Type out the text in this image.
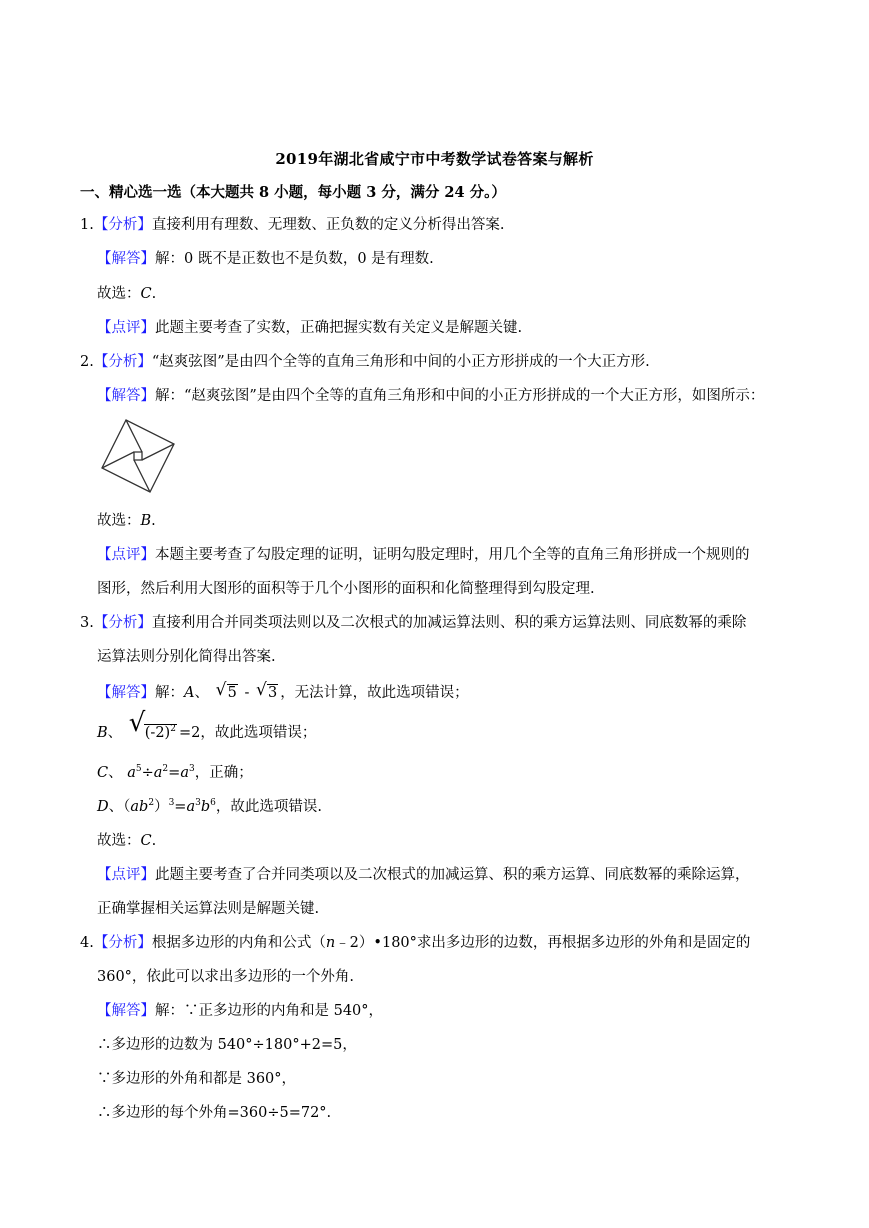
2019年湖北省咸宁市中考数学试卷答案与解析
一、精心选一选（本大题共 8 小题，每小题 3 分，满分 24 分。）
1.【分析】直接利用有理数、无理数、正负数的定义分析得出答案.
【解答】解：0 既不是正数也不是负数，0 是有理数.
故选：C.
【点评】此题主要考查了实数，正确把握实数有关定义是解题关键.
2.【分析】“赵爽弦图”是由四个全等的直角三角形和中间的小正方形拼成的一个大正方形.
【解答】解：“赵爽弦图”是由四个全等的直角三角形和中间的小正方形拼成的一个大正方形，如图所示：
故选：B.
【点评】本题主要考查了勾股定理的证明，证明勾股定理时，用几个全等的直角三角形拼成一个规则的
图形，然后利用大图形的面积等于几个小图形的面积和化简整理得到勾股定理.
3.【分析】直接利用合并同类项法则以及二次根式的加减运算法则、积的乘方运算法则、同底数幂的乘除
运算法则分别化简得出答案.
【解答】解：A、 √ 5 - √ 3 ，无法计算，故此选项错误；
B、 √ $(-2)^2 =2$，故此选项错误；
C、 $a^5\div a^2=a^3$，正确；
D、$(ab^2)^3=a^3b^6$，故此选项错误.
故选：C.
【点评】此题主要考查了合并同类项以及二次根式的加减运算、积的乘方运算、同底数幂的乘除运算，
正确掌握相关运算法则是解题关键.
4.【分析】根据多边形的内角和公式（n﹣2）•180°求出多边形的边数，再根据多边形的外角和是固定的
360°，依此可以求出多边形的一个外角.
【解答】解：∵正多边形的内角和是 540°，
∴多边形的边数为 540°÷180°+2=5，
∵多边形的外角和都是 360°，
∴多边形的每个外角=360÷5=72°.
